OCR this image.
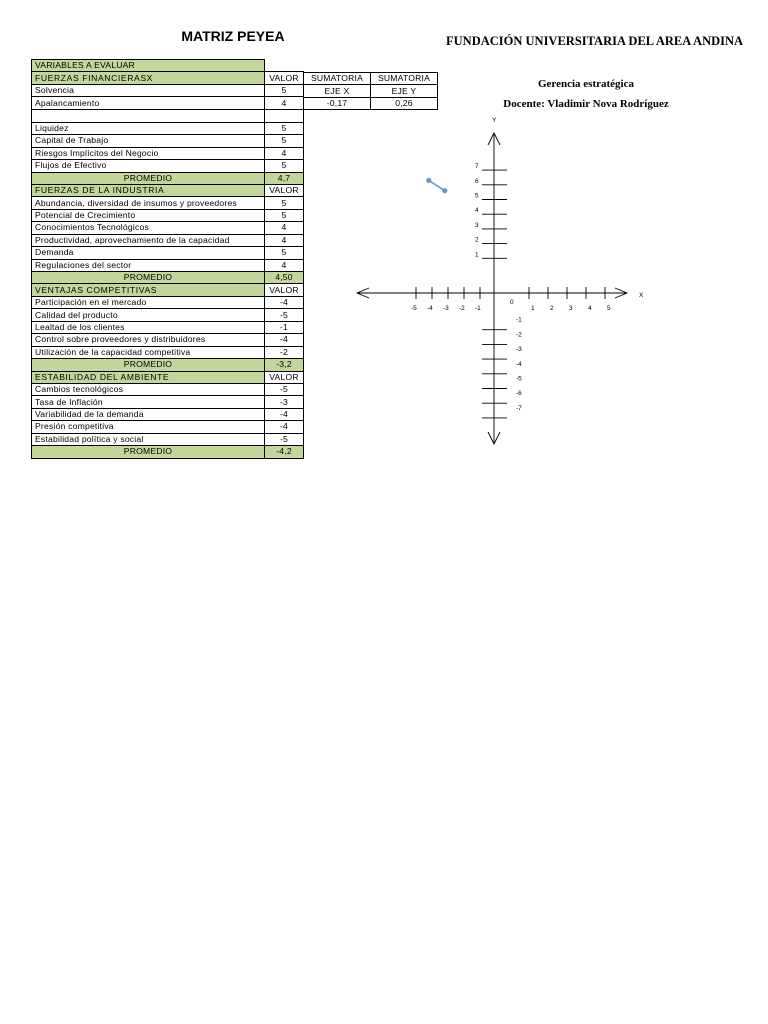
MATRIZ PEYEA	FUNDACIÓN UNIVERSITARIA DEL AREA ANDINA
Gerencia estratégica
Docente: Vladimir Nova Rodríguez
VARIABLES A EVALUAR	
FUERZAS FINANCIERASX	VALOR
Solvencia	5
Apalancamiento	4

Liquidez	5
Capital de Trabajo	5
Riesgos Implícitos del Negocio	4
Flujos de Efectivo	5
PROMEDIO	4,7
FUERZAS DE LA INDUSTRIA	VALOR
Abundancia, diversidad de insumos y proveedores	5
Potencial de Crecimiento	5
Conocimientos Tecnológicos	4
Productividad, aprovechamiento de la capacidad	4
Demanda	5
Regulaciones del sector	4
PROMEDIO	4,50
VENTAJAS COMPETITIVAS	VALOR
Participación en el mercado	-4
Calidad del producto	-5
Lealtad de los clientes	-1
Control sobre proveedores y distribuidores	-4
Utilización de la capacidad competitiva	-2
PROMEDIO	-3,2
ESTABILIDAD DEL AMBIENTE	VALOR
Cambios tecnológicos	-5
Tasa de Inflación	-3
Variabilidad de la demanda	-4
Presión competitiva	-4
Estabilidad política y social	-5
PROMEDIO	-4,2
SUMATORIA	SUMATORIA
EJE X	EJE Y
-0,17	0,26
-5 -4 -3 -2 -1	1 2 3 4 5
1
2
3
4
5
6
7
-1
-2
-3
-4
-5
-6
-7
X
Y
0
